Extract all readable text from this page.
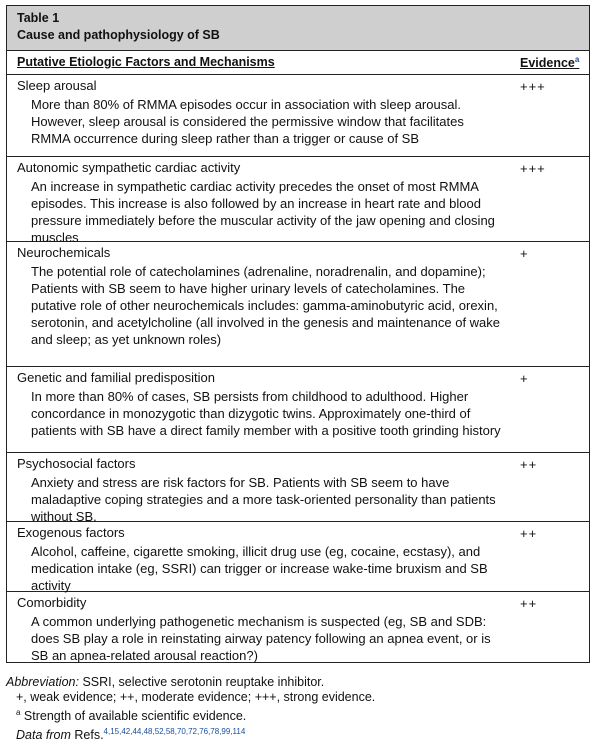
Table 1
Cause and pathophysiology of SB
Putative Etiologic Factors and Mechanisms	Evidence$^a$
Sleep arousal
More than 80% of RMMA episodes occur in association with sleep arousal. However, sleep arousal is considered the permissive window that facilitates RMMA occurrence during sleep rather than a trigger or cause of SB
+++
Autonomic sympathetic cardiac activity
An increase in sympathetic cardiac activity precedes the onset of most RMMA episodes. This increase is also followed by an increase in heart rate and blood pressure immediately before the muscular activity of the jaw opening and closing muscles
+++
Neurochemicals
The potential role of catecholamines (adrenaline, noradrenalin, and dopamine); Patients with SB seem to have higher urinary levels of catecholamines. The putative role of other neurochemicals includes: gamma-aminobutyric acid, orexin, serotonin, and acetylcholine (all involved in the genesis and maintenance of wake and sleep; as yet unknown roles)
+
Genetic and familial predisposition
In more than 80% of cases, SB persists from childhood to adulthood. Higher concordance in monozygotic than dizygotic twins. Approximately one-third of patients with SB have a direct family member with a positive tooth grinding history
+
Psychosocial factors
Anxiety and stress are risk factors for SB. Patients with SB seem to have maladaptive coping strategies and a more task-oriented personality than patients without SB.
++
Exogenous factors
Alcohol, caffeine, cigarette smoking, illicit drug use (eg, cocaine, ecstasy), and medication intake (eg, SSRI) can trigger or increase wake-time bruxism and SB activity
++
Comorbidity
A common underlying pathogenetic mechanism is suspected (eg, SB and SDB: does SB play a role in reinstating airway patency following an apnea event, or is SB an apnea-related arousal reaction?)
++
Abbreviation: SSRI, selective serotonin reuptake inhibitor.
+, weak evidence; ++, moderate evidence; +++, strong evidence.
$^a$ Strength of available scientific evidence.
Data from Refs.$^{4,15,42,44,48,52,58,70,72,76,78,99,114}$
